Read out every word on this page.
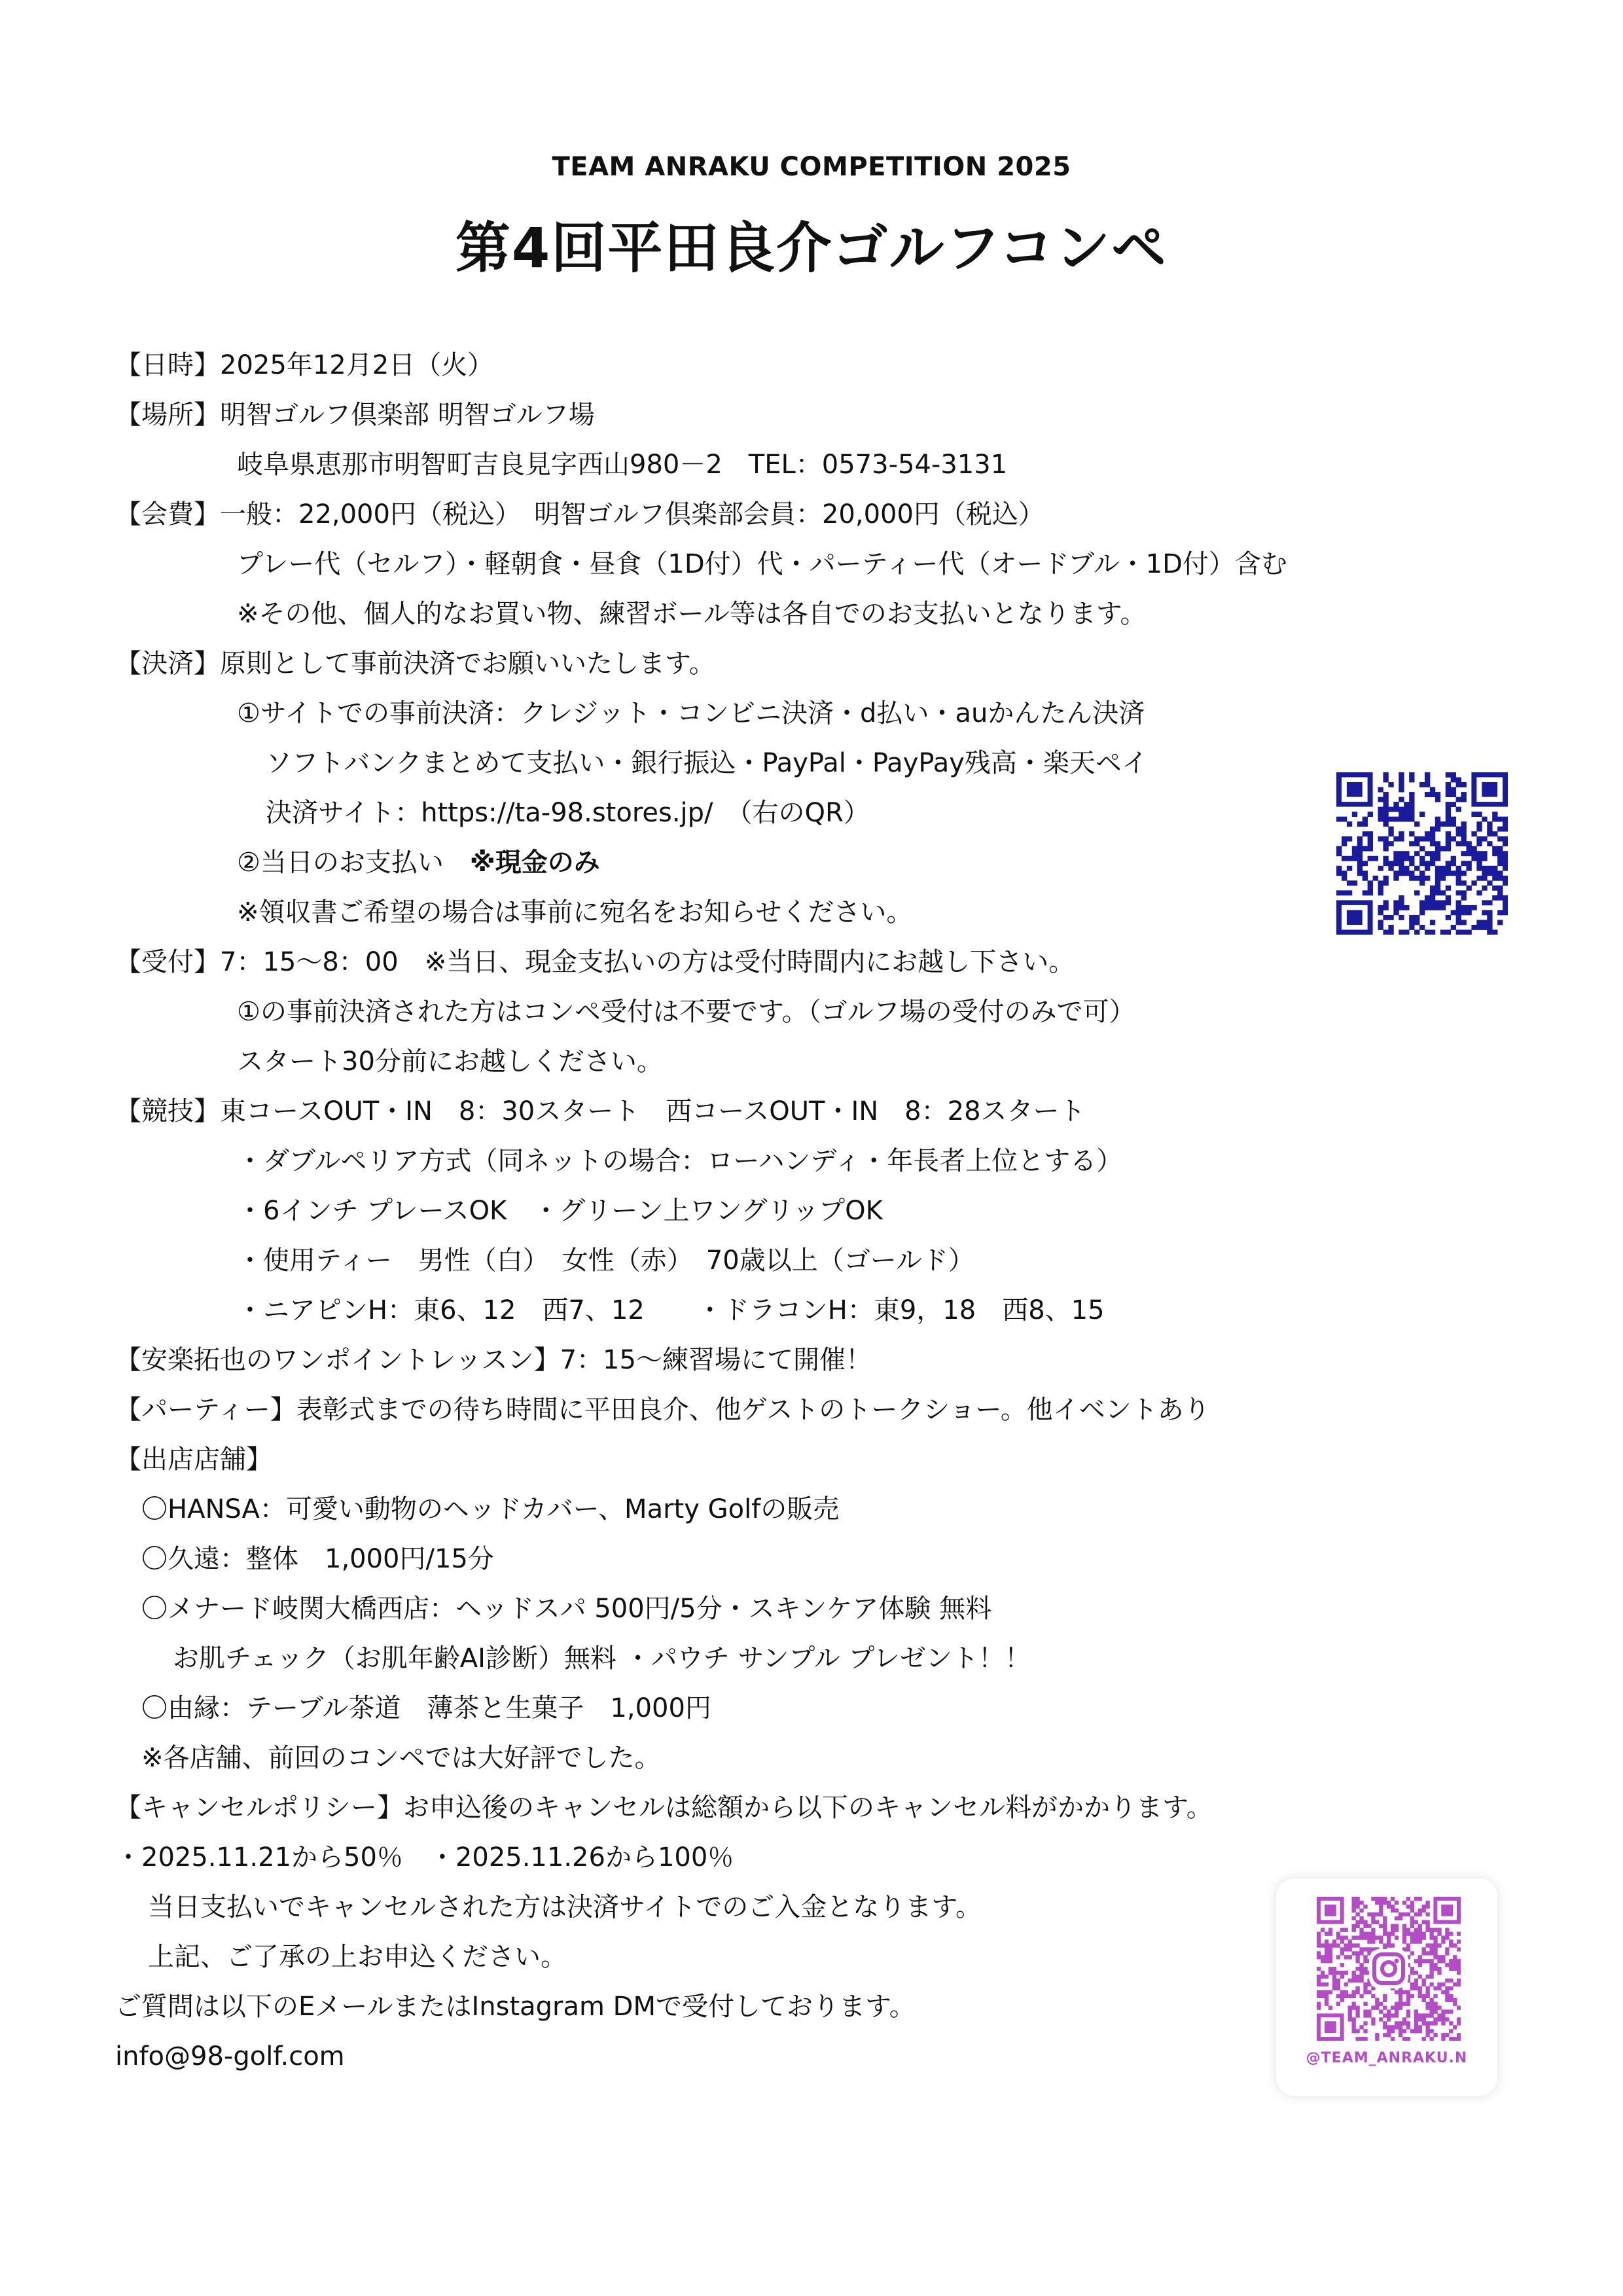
TEAM ANRAKU COMPETITION 2025
第4回平田良介ゴルフコンペ
【日時】2025年12月2日（火）
【場所】明智ゴルフ倶楽部 明智ゴルフ場
岐阜県恵那市明智町吉良見字西山980－2　TEL：0573-54-3131
【会費】一般：22,000円（税込）　明智ゴルフ倶楽部会員：20,000円（税込）
プレー代（セルフ）・軽朝食・昼食（1D付）代・パーティー代（オードブル・1D付）含む
※その他、個人的なお買い物、練習ボール等は各自でのお支払いとなります。
【決済】原則として事前決済でお願いいたします。
①サイトでの事前決済：クレジット・コンビニ決済・d払い・auかんたん決済
ソフトバンクまとめて支払い・銀行振込・PayPal・PayPay残高・楽天ペイ
決済サイト：https://ta-98.stores.jp/　（右のQR）
②当日のお支払い　※現金のみ
※領収書ご希望の場合は事前に宛名をお知らせください。
【受付】7：15～8：00　※当日、現金支払いの方は受付時間内にお越し下さい。
①の事前決済された方はコンペ受付は不要です。（ゴルフ場の受付のみで可）
スタート30分前にお越しください。
【競技】東コースOUT・IN　8：30スタート　西コースOUT・IN　8：28スタート
・ダブルペリア方式（同ネットの場合：ローハンディ・年長者上位とする）
・6インチ プレースOK　・グリーン上ワングリップOK
・使用ティー　男性（白）　女性（赤）　70歳以上（ゴールド）
・ニアピンH：東6、12　西7、12　　・ドラコンH：東9，18　西8、15
【安楽拓也のワンポイントレッスン】7：15～練習場にて開催！
【パーティー】表彰式までの待ち時間に平田良介、他ゲストのトークショー。他イベントあり
【出店店舗】
〇HANSA：可愛い動物のヘッドカバー、Marty Golfの販売
〇久遠：整体　1,000円/15分
〇メナード岐関大橋西店：ヘッドスパ 500円/5分・スキンケア体験 無料
お肌チェック（お肌年齢AI診断）無料 ・パウチ サンプル プレゼント！！
〇由縁：テーブル茶道　薄茶と生菓子　1,000円
※各店舗、前回のコンペでは大好評でした。
【キャンセルポリシー】お申込後のキャンセルは総額から以下のキャンセル料がかかります。
・2025.11.21から50％　・2025.11.26から100％
当日支払いでキャンセルされた方は決済サイトでのご入金となります。
上記、ご了承の上お申込ください。
ご質問は以下のEメールまたはInstagram DMで受付しております。
info@98-golf.com	@TEAM_ANRAKU.N
